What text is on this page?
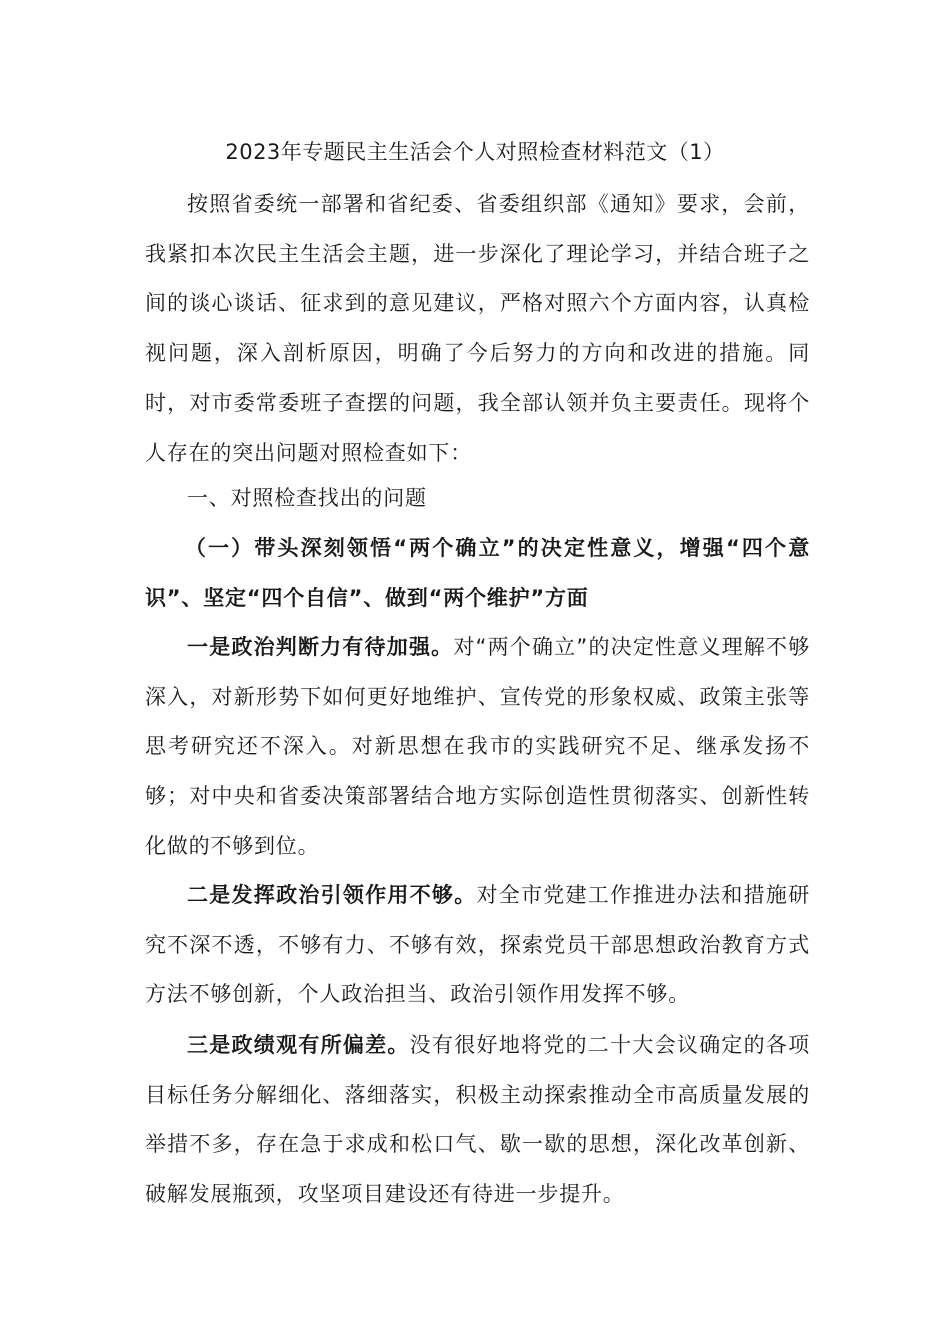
2023年专题民主生活会个人对照检查材料范文（1）

按照省委统一部署和省纪委、省委组织部《通知》要求，会前，我紧扣本次民主生活会主题，进一步深化了理论学习，并结合班子之间的谈心谈话、征求到的意见建议，严格对照六个方面内容，认真检视问题，深入剖析原因，明确了今后努力的方向和改进的措施。同时，对市委常委班子查摆的问题，我全部认领并负主要责任。现将个人存在的突出问题对照检查如下：

一、对照检查找出的问题

（一）带头深刻领悟“两个确立”的决定性意义，增强“四个意识”、坚定“四个自信”、做到“两个维护”方面

一是政治判断力有待加强。对“两个确立”的决定性意义理解不够深入，对新形势下如何更好地维护、宣传党的形象权威、政策主张等思考研究还不深入。对新思想在我市的实践研究不足、继承发扬不够；对中央和省委决策部署结合地方实际创造性贯彻落实、创新性转化做的不够到位。

二是发挥政治引领作用不够。对全市党建工作推进办法和措施研究不深不透，不够有力、不够有效，探索党员干部思想政治教育方式方法不够创新，个人政治担当、政治引领作用发挥不够。

三是政绩观有所偏差。没有很好地将党的二十大会议确定的各项目标任务分解细化、落细落实，积极主动探索推动全市高质量发展的举措不多，存在急于求成和松口气、歇一歇的思想，深化改革创新、破解发展瓶颈，攻坚项目建设还有待进一步提升。
